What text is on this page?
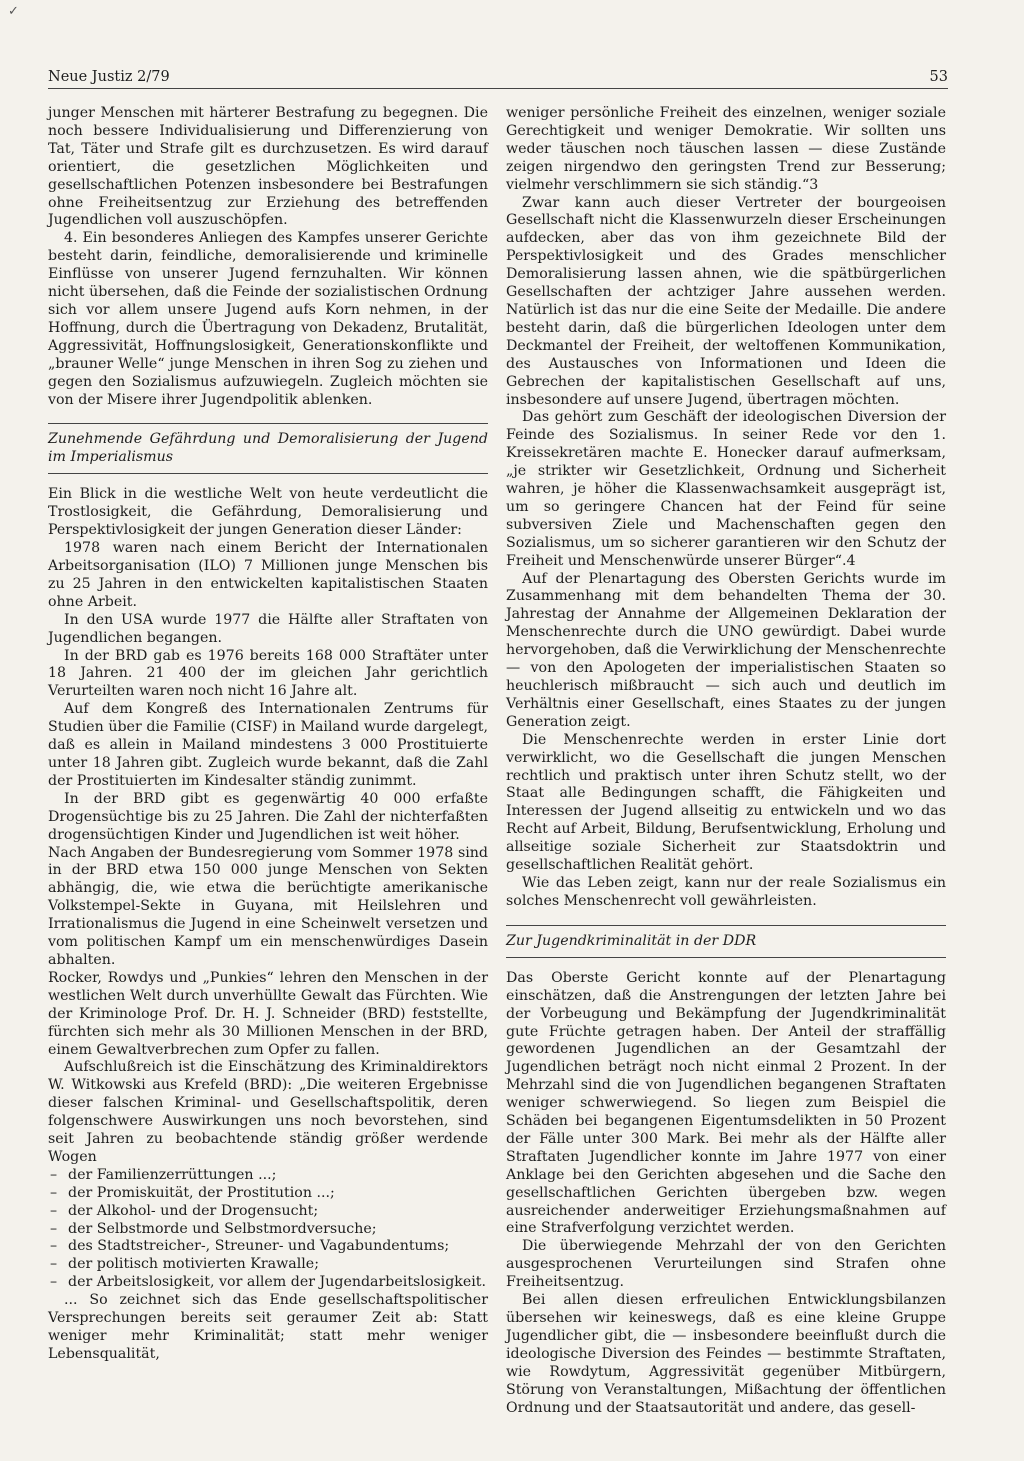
✓
Neue Justiz 2/79	53

junger Menschen mit härterer Bestrafung zu begegnen. Die noch bessere Individualisierung und Differenzierung von Tat, Täter und Strafe gilt es durchzusetzen. Es wird darauf orientiert, die gesetzlichen Möglichkeiten und gesellschaftlichen Potenzen insbesondere bei Bestrafungen ohne Freiheitsentzug zur Erziehung des betreffenden Jugendlichen voll auszuschöpfen.

4. Ein besonderes Anliegen des Kampfes unserer Gerichte besteht darin, feindliche, demoralisierende und kriminelle Einflüsse von unserer Jugend fernzuhalten. Wir können nicht übersehen, daß die Feinde der sozialistischen Ordnung sich vor allem unsere Jugend aufs Korn nehmen, in der Hoffnung, durch die Übertragung von Dekadenz, Brutalität, Aggressivität, Hoffnungslosigkeit, Generationskonflikte und „brauner Welle“ junge Menschen in ihren Sog zu ziehen und gegen den Sozialismus aufzuwiegeln. Zugleich möchten sie von der Misere ihrer Jugendpolitik ablenken.

Zunehmende Gefährdung und Demoralisierung der Jugend im Imperialismus

Ein Blick in die westliche Welt von heute verdeutlicht die Trostlosigkeit, die Gefährdung, Demoralisierung und Perspektivlosigkeit der jungen Generation dieser Länder:

1978 waren nach einem Bericht der Internationalen Arbeitsorganisation (ILO) 7 Millionen junge Menschen bis zu 25 Jahren in den entwickelten kapitalistischen Staaten ohne Arbeit.

In den USA wurde 1977 die Hälfte aller Straftaten von Jugendlichen begangen.

In der BRD gab es 1976 bereits 168 000 Straftäter unter 18 Jahren. 21 400 der im gleichen Jahr gerichtlich Verurteilten waren noch nicht 16 Jahre alt.

Auf dem Kongreß des Internationalen Zentrums für Studien über die Familie (CISF) in Mailand wurde dargelegt, daß es allein in Mailand mindestens 3 000 Prostituierte unter 18 Jahren gibt. Zugleich wurde bekannt, daß die Zahl der Prostituierten im Kindesalter ständig zunimmt.

In der BRD gibt es gegenwärtig 40 000 erfaßte Drogensüchtige bis zu 25 Jahren. Die Zahl der nichterfaßten drogensüchtigen Kinder und Jugendlichen ist weit höher.

Nach Angaben der Bundesregierung vom Sommer 1978 sind in der BRD etwa 150 000 junge Menschen von Sekten abhängig, die, wie etwa die berüchtigte amerikanische Volkstempel-Sekte in Guyana, mit Heilslehren und Irrationalismus die Jugend in eine Scheinwelt versetzen und vom politischen Kampf um ein menschenwürdiges Dasein abhalten.

Rocker, Rowdys und „Punkies“ lehren den Menschen in der westlichen Welt durch unverhüllte Gewalt das Fürchten. Wie der Kriminologe Prof. Dr. H. J. Schneider (BRD) feststellte, fürchten sich mehr als 30 Millionen Menschen in der BRD, einem Gewaltverbrechen zum Opfer zu fallen.

Aufschlußreich ist die Einschätzung des Kriminaldirektors W. Witkowski aus Krefeld (BRD): „Die weiteren Ergebnisse dieser falschen Kriminal- und Gesellschaftspolitik, deren folgenschwere Auswirkungen uns noch bevorstehen, sind seit Jahren zu beobachtende ständig größer werdende Wogen

– der Familienzerrüttungen ...;
– der Promiskuität, der Prostitution ...;
– der Alkohol- und der Drogensucht;
– der Selbstmorde und Selbstmordversuche;
– des Stadtstreicher-, Streuner- und Vagabundentums;
– der politisch motivierten Krawalle;
– der Arbeitslosigkeit, vor allem der Jugendarbeitslosigkeit.

... So zeichnet sich das Ende gesellschaftspolitischer Versprechungen bereits seit geraumer Zeit ab: Statt weniger mehr Kriminalität; statt mehr weniger Lebensqualität,

weniger persönliche Freiheit des einzelnen, weniger soziale Gerechtigkeit und weniger Demokratie. Wir sollten uns weder täuschen noch täuschen lassen — diese Zustände zeigen nirgendwo den geringsten Trend zur Besserung; vielmehr verschlimmern sie sich ständig.“3

Zwar kann auch dieser Vertreter der bourgeoisen Gesellschaft nicht die Klassenwurzeln dieser Erscheinungen aufdecken, aber das von ihm gezeichnete Bild der Perspektivlosigkeit und des Grades menschlicher Demoralisierung lassen ahnen, wie die spätbürgerlichen Gesellschaften der achtziger Jahre aussehen werden. Natürlich ist das nur die eine Seite der Medaille. Die andere besteht darin, daß die bürgerlichen Ideologen unter dem Deckmantel der Freiheit, der weltoffenen Kommunikation, des Austausches von Informationen und Ideen die Gebrechen der kapitalistischen Gesellschaft auf uns, insbesondere auf unsere Jugend, übertragen möchten.

Das gehört zum Geschäft der ideologischen Diversion der Feinde des Sozialismus. In seiner Rede vor den 1. Kreissekretären machte E. Honecker darauf aufmerksam, „je strikter wir Gesetzlichkeit, Ordnung und Sicherheit wahren, je höher die Klassenwachsamkeit ausgeprägt ist, um so geringere Chancen hat der Feind für seine subversiven Ziele und Machenschaften gegen den Sozialismus, um so sicherer garantieren wir den Schutz der Freiheit und Menschenwürde unserer Bürger“.4

Auf der Plenartagung des Obersten Gerichts wurde im Zusammenhang mit dem behandelten Thema der 30. Jahrestag der Annahme der Allgemeinen Deklaration der Menschenrechte durch die UNO gewürdigt. Dabei wurde hervorgehoben, daß die Verwirklichung der Menschenrechte — von den Apologeten der imperialistischen Staaten so heuchlerisch mißbraucht — sich auch und deutlich im Verhältnis einer Gesellschaft, eines Staates zu der jungen Generation zeigt.

Die Menschenrechte werden in erster Linie dort verwirklicht, wo die Gesellschaft die jungen Menschen rechtlich und praktisch unter ihren Schutz stellt, wo der Staat alle Bedingungen schafft, die Fähigkeiten und Interessen der Jugend allseitig zu entwickeln und wo das Recht auf Arbeit, Bildung, Berufsentwicklung, Erholung und allseitige soziale Sicherheit zur Staatsdoktrin und gesellschaftlichen Realität gehört.

Wie das Leben zeigt, kann nur der reale Sozialismus ein solches Menschenrecht voll gewährleisten.

Zur Jugendkriminalität in der DDR

Das Oberste Gericht konnte auf der Plenartagung einschätzen, daß die Anstrengungen der letzten Jahre bei der Vorbeugung und Bekämpfung der Jugendkriminalität gute Früchte getragen haben. Der Anteil der straffällig gewordenen Jugendlichen an der Gesamtzahl der Jugendlichen beträgt noch nicht einmal 2 Prozent. In der Mehrzahl sind die von Jugendlichen begangenen Straftaten weniger schwerwiegend. So liegen zum Beispiel die Schäden bei begangenen Eigentumsdelikten in 50 Prozent der Fälle unter 300 Mark. Bei mehr als der Hälfte aller Straftaten Jugendlicher konnte im Jahre 1977 von einer Anklage bei den Gerichten abgesehen und die Sache den gesellschaftlichen Gerichten übergeben bzw. wegen ausreichender anderweitiger Erziehungsmaßnahmen auf eine Strafverfolgung verzichtet werden.

Die überwiegende Mehrzahl der von den Gerichten ausgesprochenen Verurteilungen sind Strafen ohne Freiheitsentzug.

Bei allen diesen erfreulichen Entwicklungsbilanzen übersehen wir keineswegs, daß es eine kleine Gruppe Jugendlicher gibt, die — insbesondere beeinflußt durch die ideologische Diversion des Feindes — bestimmte Straftaten, wie Rowdytum, Aggressivität gegenüber Mitbürgern, Störung von Veranstaltungen, Mißachtung der öffentlichen Ordnung und der Staatsautorität und andere, das gesell-
